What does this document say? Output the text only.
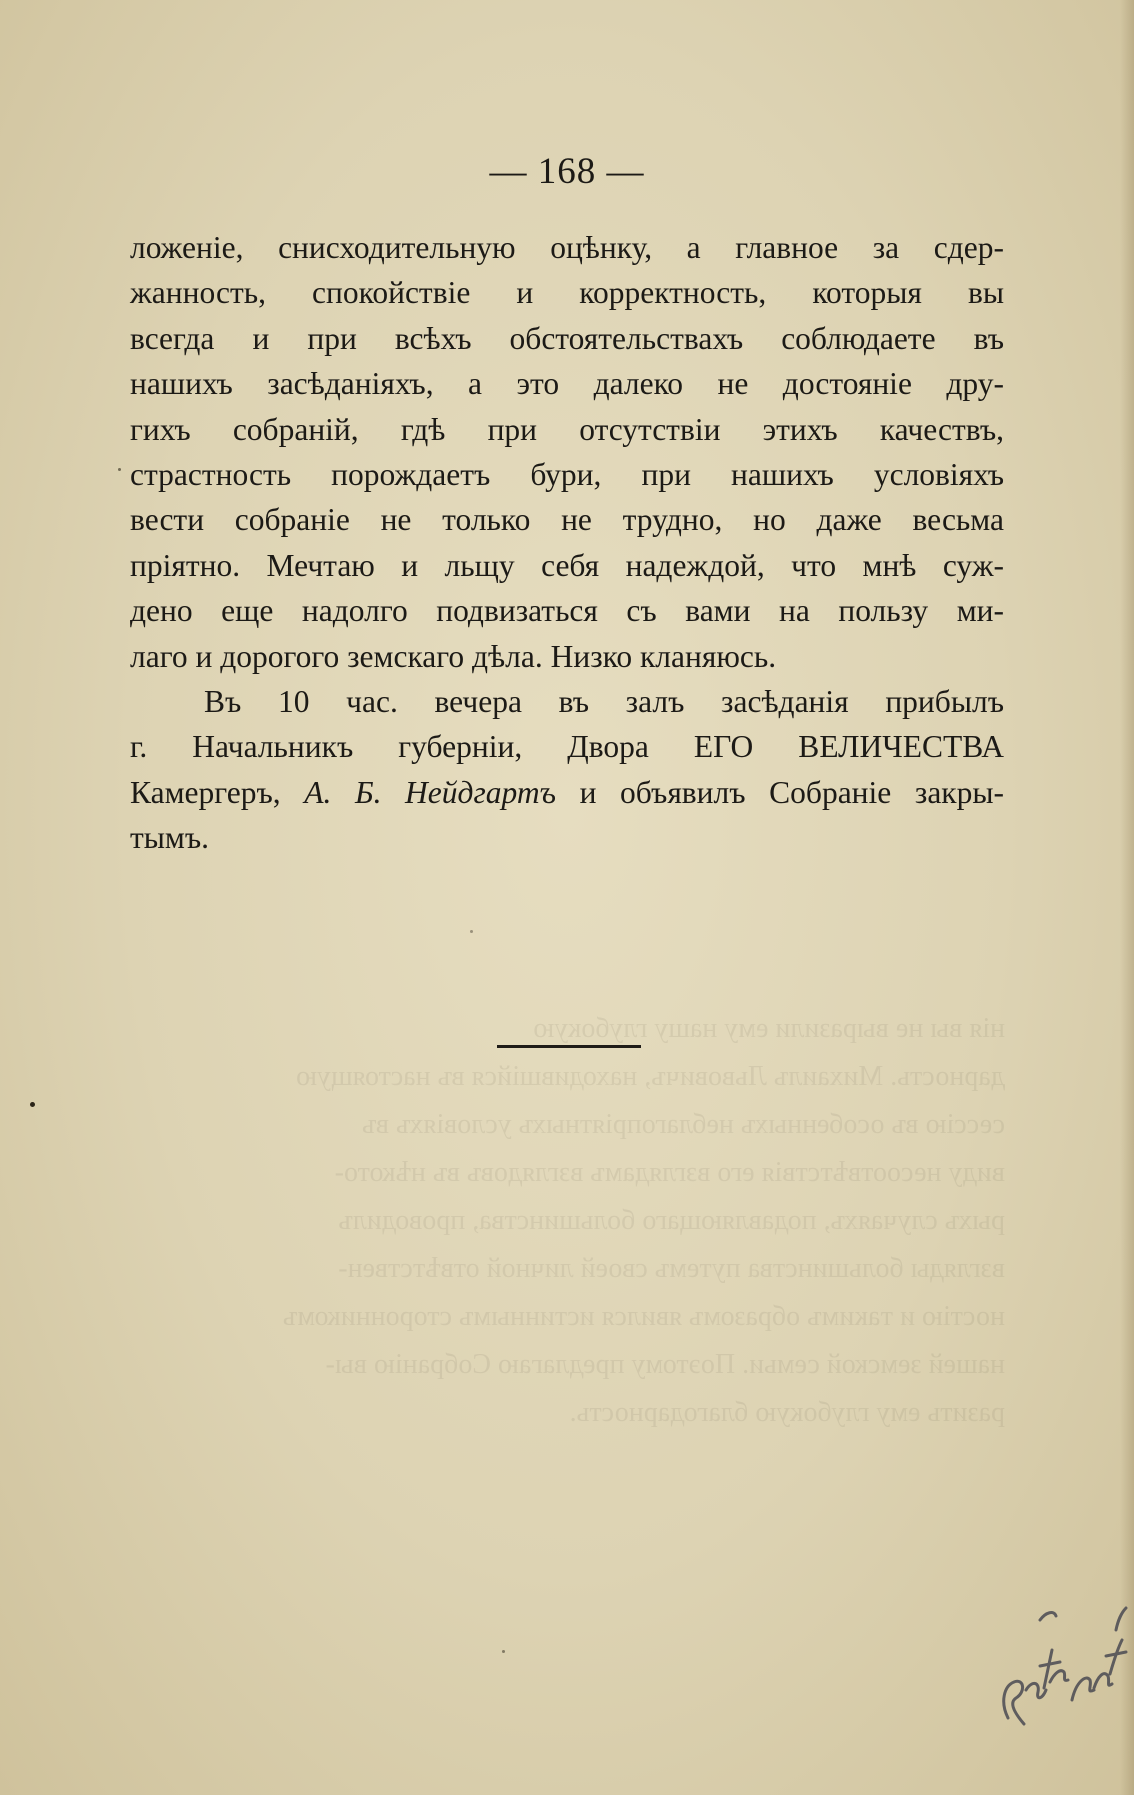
нія вы не выразили ему нашу глубокую
дарность. Михаилъ Львовичъ, находившійся въ настоящую
сессію въ особенныхъ неблагопріятныхъ условіяхъ въ
виду несоотвѣтствія его взглядамъ взглядовъ въ нѣкото-
рыхъ случаяхъ, подавляющаго большинства, проводилъ
взгляды большинства путемъ своей личной отвѣтствен-
ностію и такимъ образомъ явился истиннымъ сторонникомъ
нашей земской семьи. Поэтому предлагаю Собранію вы-
разить ему глубокую благодарность.
— 168 —
ложеніе, снисходительную оцѣнку, а главное за сдер-
жанность, спокойствіе и корректность, которыя вы
всегда и при всѣхъ обстоятельствахъ соблюдаете въ
нашихъ засѣданіяхъ, а это далеко не достояніе дру-
гихъ собраній, гдѣ при отсутствіи этихъ качествъ,
страстность порождаетъ бури, при нашихъ условіяхъ
вести собраніе не только не трудно, но даже весьма
пріятно. Мечтаю и льщу себя надеждой, что мнѣ суж-
дено еще надолго подвизаться съ вами на пользу ми-
лаго и дорогого земскаго дѣла. Низко кланяюсь.
Въ 10 час. вечера въ залъ засѣданія прибылъ
г. Начальникъ губерніи, Двора ЕГО ВЕЛИЧЕСТВА
Камергеръ, А. Б. Нейдгартъ и объявилъ Собраніе закры-
тымъ.
